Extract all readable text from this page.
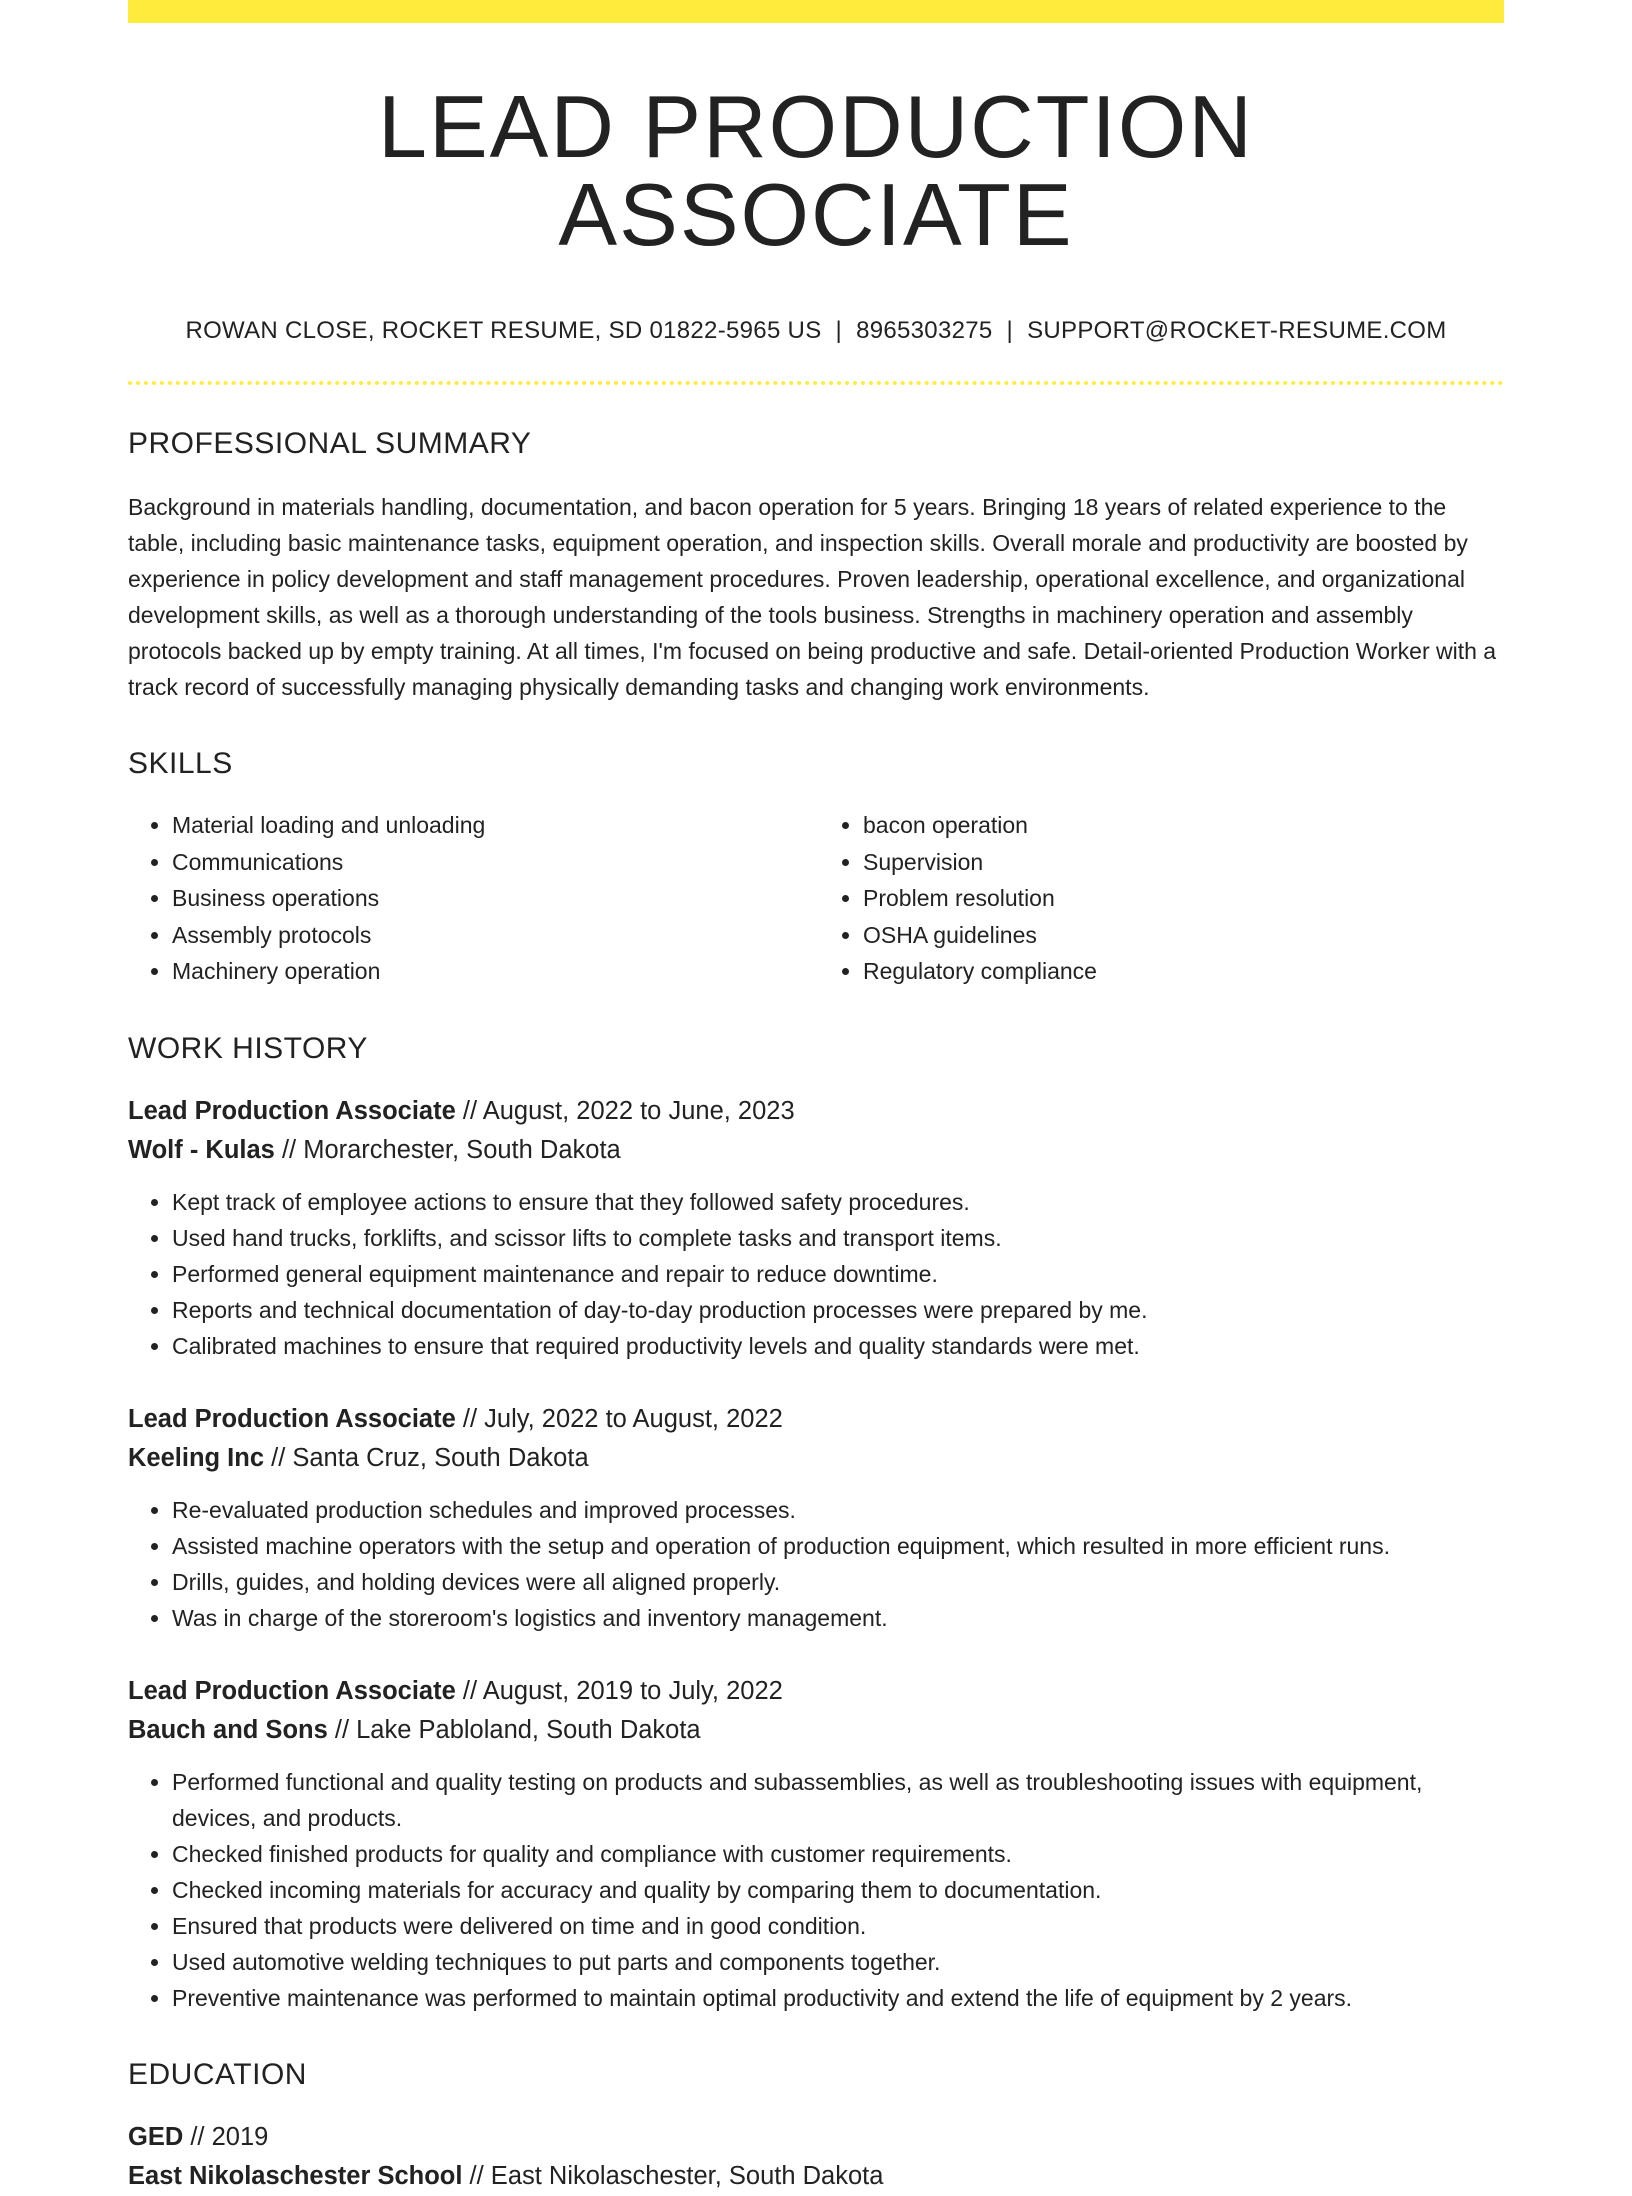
LEAD PRODUCTION ASSOCIATE
ROWAN CLOSE, ROCKET RESUME, SD 01822-5965 US | 8965303275 | SUPPORT@ROCKET-RESUME.COM
PROFESSIONAL SUMMARY
Background in materials handling, documentation, and bacon operation for 5 years. Bringing 18 years of related experience to the table, including basic maintenance tasks, equipment operation, and inspection skills. Overall morale and productivity are boosted by experience in policy development and staff management procedures. Proven leadership, operational excellence, and organizational development skills, as well as a thorough understanding of the tools business. Strengths in machinery operation and assembly protocols backed up by empty training. At all times, I'm focused on being productive and safe. Detail-oriented Production Worker with a track record of successfully managing physically demanding tasks and changing work environments.
SKILLS
• Material loading and unloading
• Communications
• Business operations
• Assembly protocols
• Machinery operation
• bacon operation
• Supervision
• Problem resolution
• OSHA guidelines
• Regulatory compliance
WORK HISTORY
Lead Production Associate // August, 2022 to June, 2023
Wolf - Kulas // Morarchester, South Dakota
• Kept track of employee actions to ensure that they followed safety procedures.
• Used hand trucks, forklifts, and scissor lifts to complete tasks and transport items.
• Performed general equipment maintenance and repair to reduce downtime.
• Reports and technical documentation of day-to-day production processes were prepared by me.
• Calibrated machines to ensure that required productivity levels and quality standards were met.
Lead Production Associate // July, 2022 to August, 2022
Keeling Inc // Santa Cruz, South Dakota
• Re-evaluated production schedules and improved processes.
• Assisted machine operators with the setup and operation of production equipment, which resulted in more efficient runs.
• Drills, guides, and holding devices were all aligned properly.
• Was in charge of the storeroom's logistics and inventory management.
Lead Production Associate // August, 2019 to July, 2022
Bauch and Sons // Lake Pabloland, South Dakota
• Performed functional and quality testing on products and subassemblies, as well as troubleshooting issues with equipment, devices, and products.
• Checked finished products for quality and compliance with customer requirements.
• Checked incoming materials for accuracy and quality by comparing them to documentation.
• Ensured that products were delivered on time and in good condition.
• Used automotive welding techniques to put parts and components together.
• Preventive maintenance was performed to maintain optimal productivity and extend the life of equipment by 2 years.
EDUCATION
GED // 2019
East Nikolaschester School // East Nikolaschester, South Dakota
